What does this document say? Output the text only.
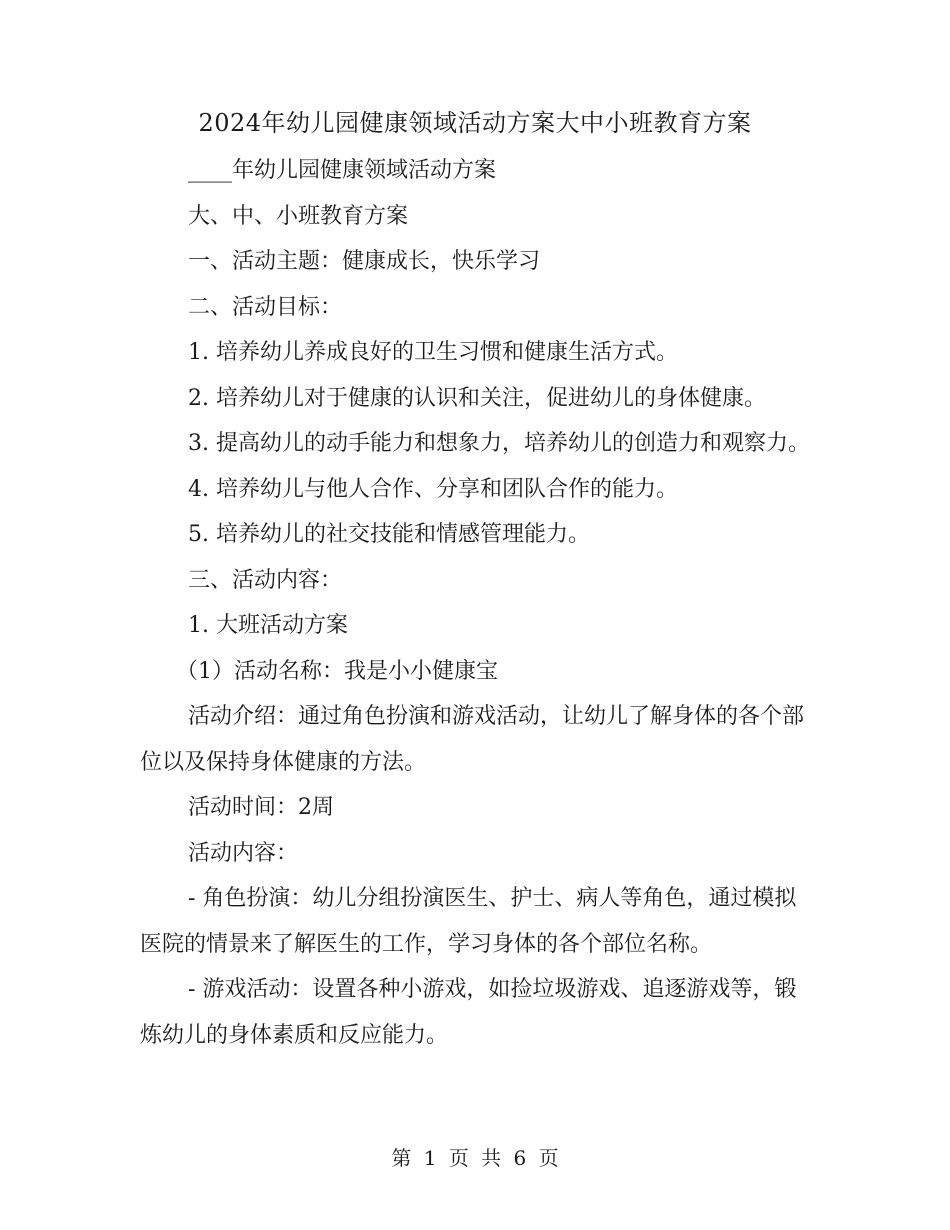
2024年幼儿园健康领域活动方案大中小班教育方案

____年幼儿园健康领域活动方案

大、中、小班教育方案

一、活动主题：健康成长，快乐学习

二、活动目标：

1. 培养幼儿养成良好的卫生习惯和健康生活方式。

2. 培养幼儿对于健康的认识和关注，促进幼儿的身体健康。

3. 提高幼儿的动手能力和想象力，培养幼儿的创造力和观察力。

4. 培养幼儿与他人合作、分享和团队合作的能力。

5. 培养幼儿的社交技能和情感管理能力。

三、活动内容：

1. 大班活动方案

（1）活动名称：我是小小健康宝

活动介绍：通过角色扮演和游戏活动，让幼儿了解身体的各个部位以及保持身体健康的方法。

活动时间：2周

活动内容：

- 角色扮演：幼儿分组扮演医生、护士、病人等角色，通过模拟医院的情景来了解医生的工作，学习身体的各个部位名称。

- 游戏活动：设置各种小游戏，如捡垃圾游戏、追逐游戏等，锻炼幼儿的身体素质和反应能力。

第 1 页 共 6 页
